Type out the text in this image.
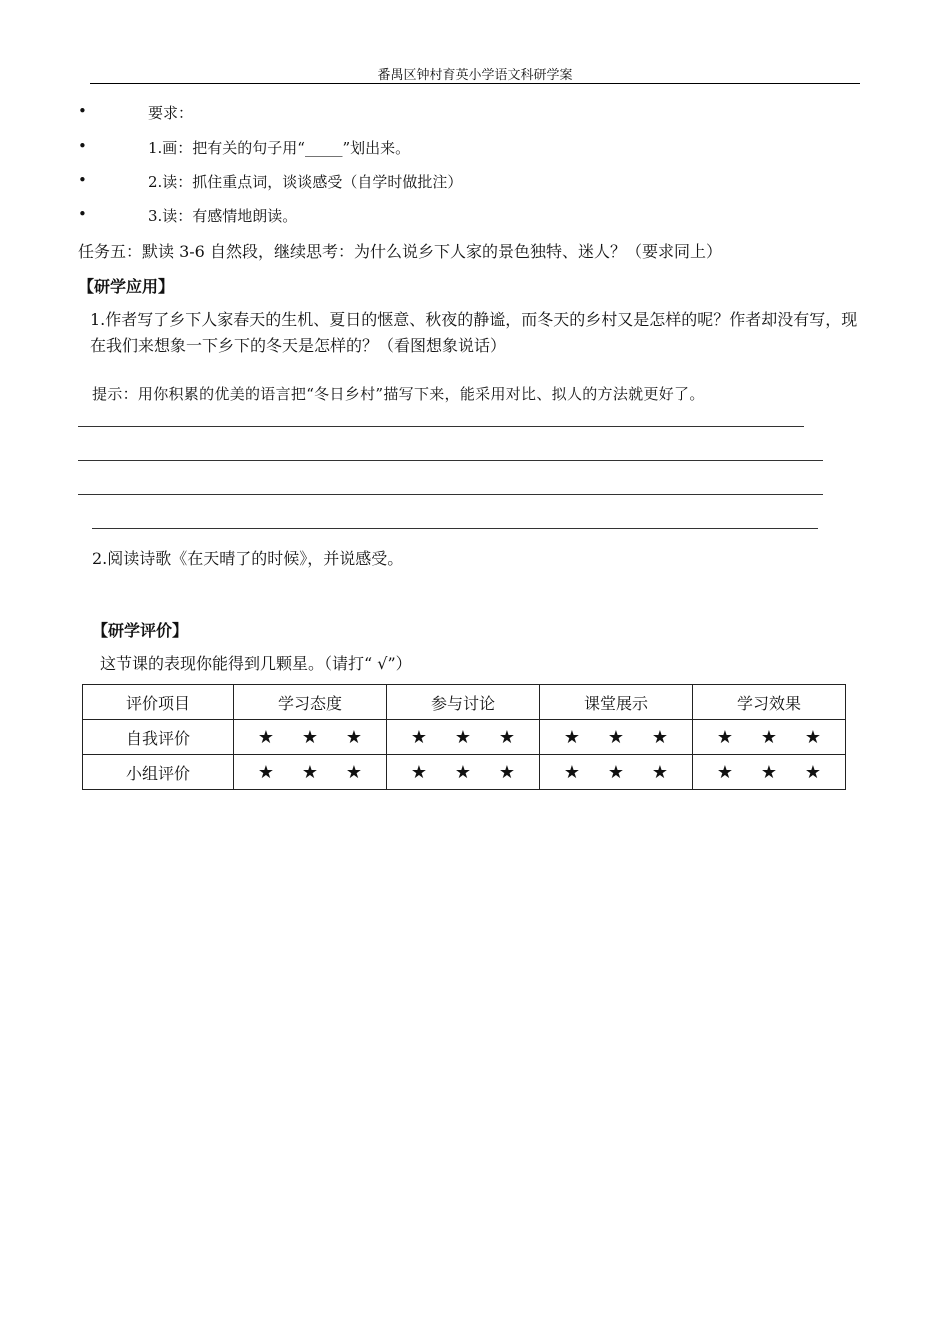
番禺区钟村育英小学语文科研学案
•	要求：
•	1.画：把有关的句子用“_____”划出来。
•	2.读：抓住重点词，谈谈感受（自学时做批注）
•	3.读：有感情地朗读。
任务五：默读 3-6 自然段，继续思考：为什么说乡下人家的景色独特、迷人？（要求同上）
【研学应用】
1.作者写了乡下人家春天的生机、夏日的惬意、秋夜的静谧，而冬天的乡村又是怎样的呢？作者却没有写，现在我们来想象一下乡下的冬天是怎样的？（看图想象说话）
提示：用你积累的优美的语言把“冬日乡村”描写下来，能采用对比、拟人的方法就更好了。
2.阅读诗歌《在天晴了的时候》，并说感受。
【研学评价】
这节课的表现你能得到几颗星。（请打“ √”）
评价项目	学习态度	参与讨论	课堂展示	学习效果
自我评价	★ ★ ★	★ ★ ★	★ ★ ★	★ ★ ★

小组评价	★ ★ ★	★ ★ ★	★ ★ ★	★ ★ ★
